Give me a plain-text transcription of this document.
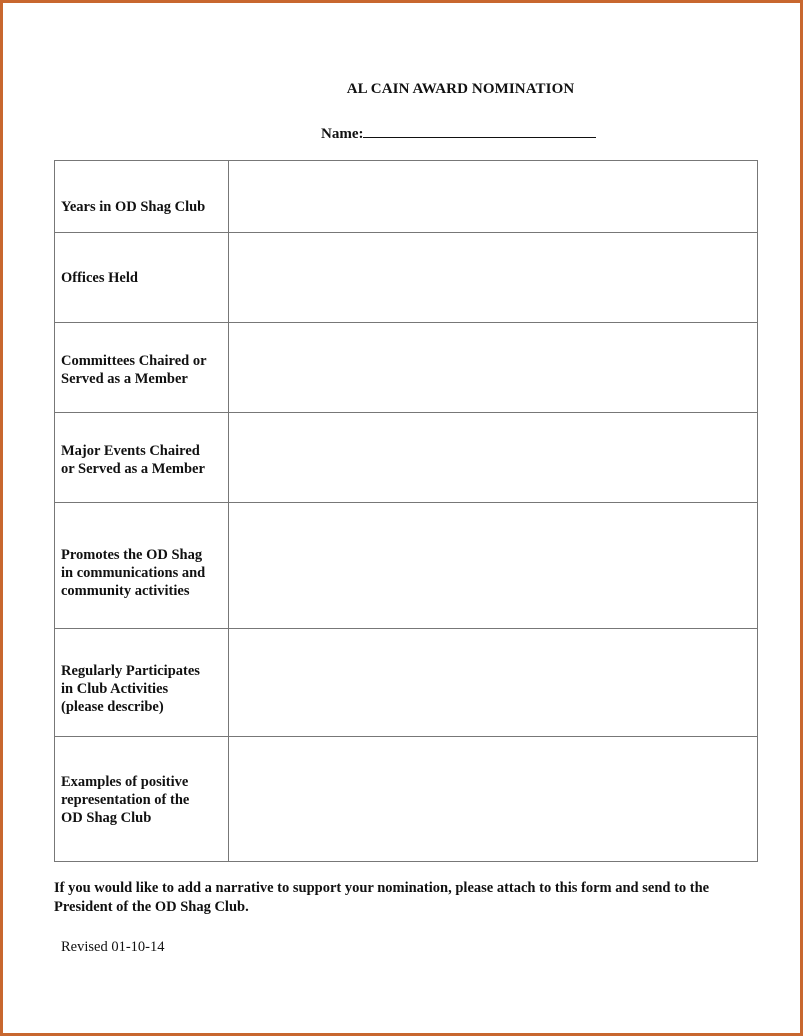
AL CAIN AWARD NOMINATION
Name:
Years in OD Shag Club	

Offices Held	

Committees Chaired or
Served as a Member	

Major Events Chaired
or Served as a Member	

Promotes the OD Shag
in communications and
community activities	

Regularly Participates
in Club Activities
(please describe)	

Examples of positive
representation of the
OD Shag Club	

If you would like to add a narrative to support your nomination, please attach to this form and send to the President of the OD Shag Club.
Revised 01-10-14
